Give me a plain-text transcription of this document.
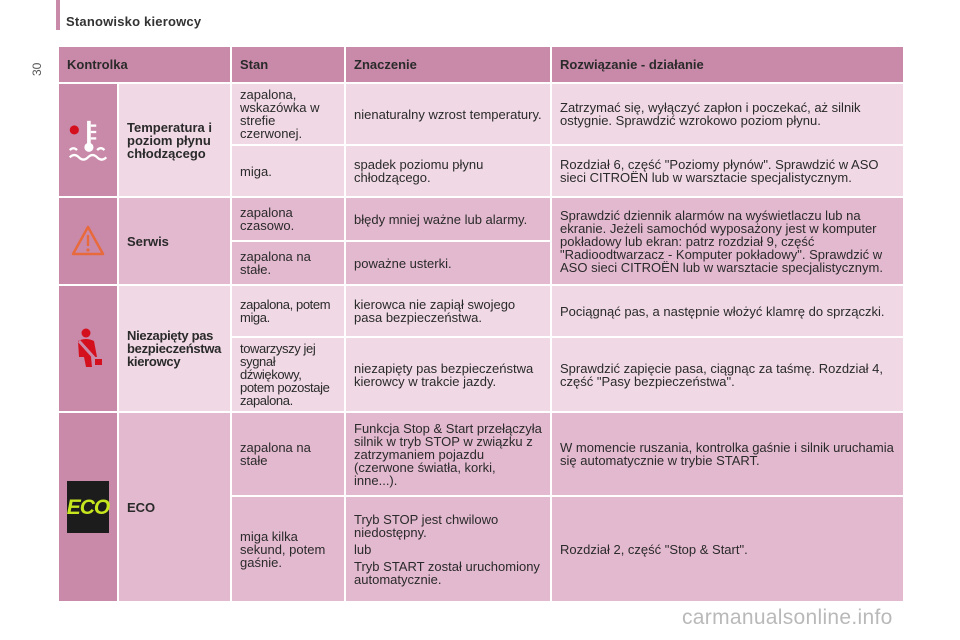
Stanowisko kierowcy
30 Kontrolka		Stan	Znaczenie	Rozwiązanie - działanie

	Temperatura i poziom płynu chłodzącego	zapalona, wskazówka w strefie czerwonej.	nienaturalny wzrost temperatury.	Zatrzymać się, wyłączyć zapłon i poczekać, aż silnik ostygnie. Sprawdzić wzrokowo poziom płynu.
		miga.	spadek poziomu płynu chłodzącego.	Rozdział 6, część "Poziomy płynów". Sprawdzić w ASO sieci CITROËN lub w warsztacie specjalistycznym.

	Serwis	zapalona czasowo.	błędy mniej ważne lub alarmy.	Sprawdzić dziennik alarmów na wyświetlaczu lub na ekranie. Jeżeli samochód wyposażony jest w komputer pokładowy lub ekran: patrz rozdział 9, część "Radioodtwarzacz - Komputer pokładowy". Sprawdzić w ASO sieci CITROËN lub w warsztacie specjalistycznym.
		zapalona na stałe.	poważne usterki.	

	Niezapięty pas bezpieczeństwa kierowcy	zapalona, potem miga.	kierowca nie zapiął swojego pasa bezpieczeństwa.	Pociągnąć pas, a następnie włożyć klamrę do sprzączki.
		towarzyszy jej sygnał dźwiękowy, potem pozostaje zapalona.	niezapięty pas bezpieczeństwa kierowcy w trakcie jazdy.	Sprawdzić zapięcie pasa, ciągnąc za taśmę. Rozdział 4, część "Pasy bezpieczeństwa".

ECO	ECO	zapalona na stałe	Funkcja Stop & Start przełączyła silnik w tryb STOP w związku z zatrzymaniem pojazdu (czerwone światła, korki, inne...).	W momencie ruszania, kontrolka gaśnie i silnik uruchamia się automatycznie w trybie START.
		miga kilka sekund, potem gaśnie.	Tryb STOP jest chwilowo niedostępny.
lub
Tryb START został uruchomiony automatycznie.	Rozdział 2, część "Stop & Start".
carmanualsonline.info
